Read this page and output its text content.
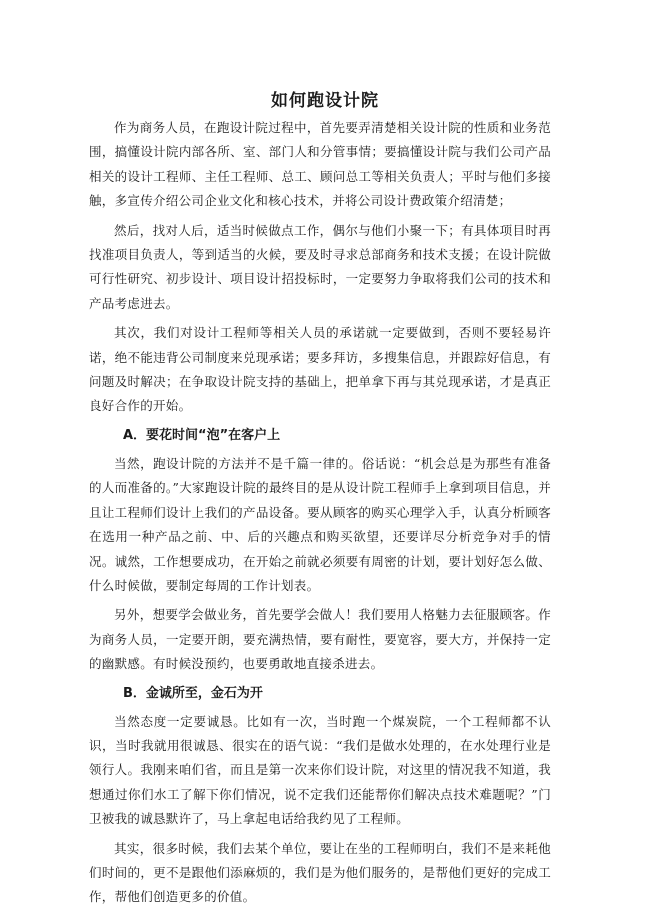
如何跑设计院

作为商务人员，在跑设计院过程中，首先要弄清楚相关设计院的性质和业务范围，搞懂设计院内部各所、室、部门人和分管事情；要搞懂设计院与我们公司产品相关的设计工程师、主任工程师、总工、顾问总工等相关负责人；平时与他们多接触，多宣传介绍公司企业文化和核心技术，并将公司设计费政策介绍清楚；

然后，找对人后，适当时候做点工作，偶尔与他们小聚一下；有具体项目时再找准项目负责人，等到适当的火候，要及时寻求总部商务和技术支援；在设计院做可行性研究、初步设计、项目设计招投标时，一定要努力争取将我们公司的技术和产品考虑进去。

其次，我们对设计工程师等相关人员的承诺就一定要做到，否则不要轻易许诺，绝不能违背公司制度来兑现承诺；要多拜访，多搜集信息，并跟踪好信息，有问题及时解决；在争取设计院支持的基础上，把单拿下再与其兑现承诺，才是真正良好合作的开始。

A．要花时间“泡”在客户上

当然，跑设计院的方法并不是千篇一律的。俗话说：“机会总是为那些有准备的人而准备的。”大家跑设计院的最终目的是从设计院工程师手上拿到项目信息，并且让工程师们设计上我们的产品设备。要从顾客的购买心理学入手，认真分析顾客在选用一种产品之前、中、后的兴趣点和购买欲望，还要详尽分析竞争对手的情况。诚然，工作想要成功，在开始之前就必须要有周密的计划，要计划好怎么做、什么时候做，要制定每周的工作计划表。

另外，想要学会做业务，首先要学会做人！我们要用人格魅力去征服顾客。作为商务人员，一定要开朗，要充满热情，要有耐性，要宽容，要大方，并保持一定的幽默感。有时候没预约，也要勇敢地直接杀进去。

B．金诚所至，金石为开

当然态度一定要诚恳。比如有一次，当时跑一个煤炭院，一个工程师都不认识，当时我就用很诚恳、很实在的语气说：“我们是做水处理的，在水处理行业是领行人。我刚来咱们省，而且是第一次来你们设计院，对这里的情况我不知道，我想通过你们水工了解下你们情况，说不定我们还能帮你们解决点技术难题呢？”门卫被我的诚恳默许了，马上拿起电话给我约见了工程师。

其实，很多时候，我们去某个单位，要让在坐的工程师明白，我们不是来耗他们时间的，更不是跟他们添麻烦的，我们是为他们服务的，是帮他们更好的完成工作，帮他们创造更多的价值。
